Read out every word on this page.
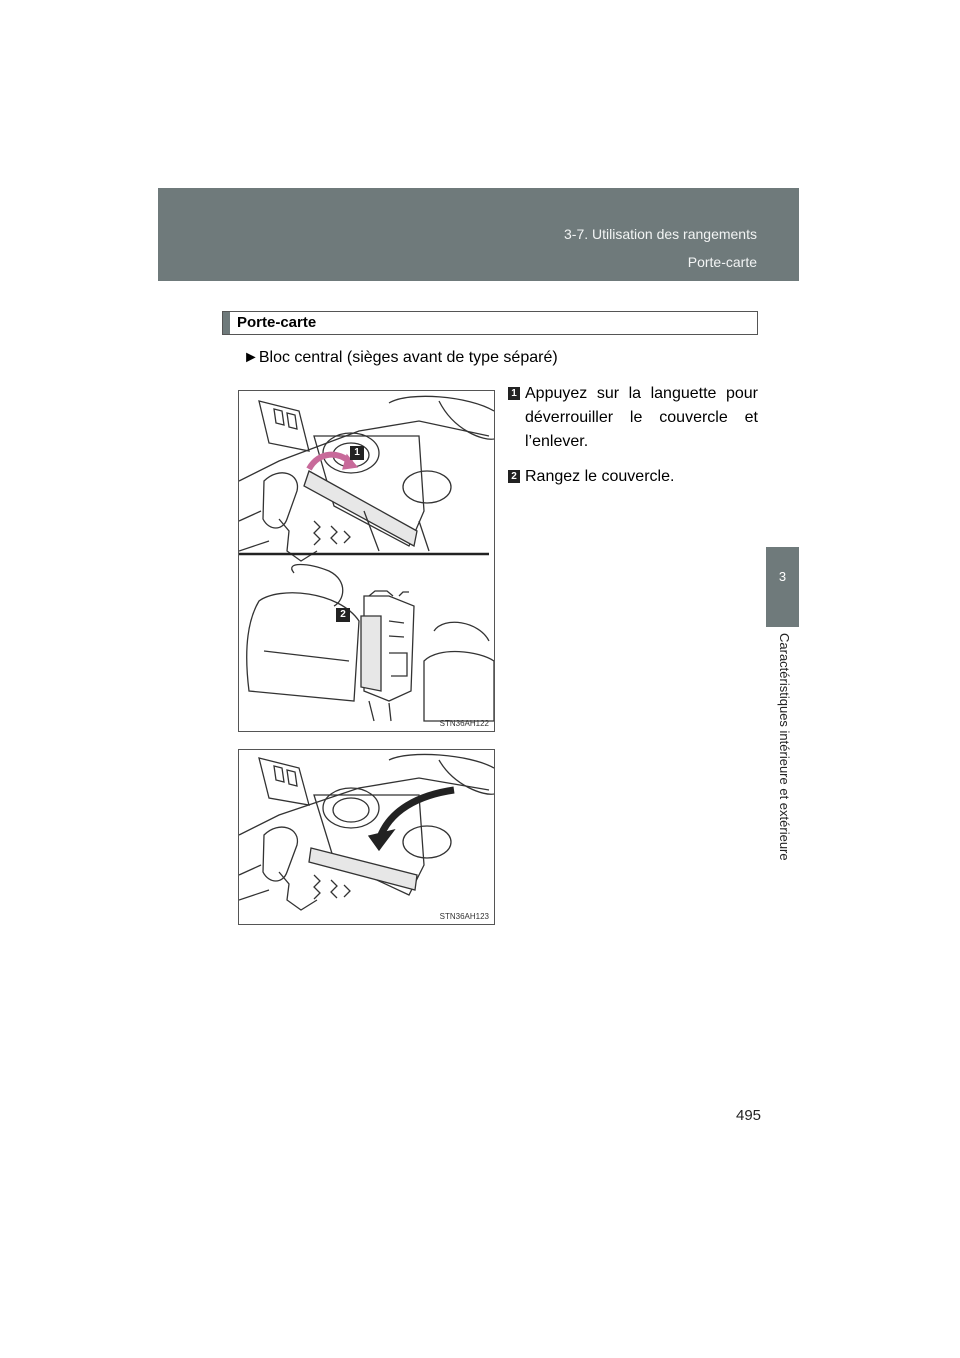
3-7. Utilisation des rangements
Porte-carte
3
Caractéristiques intérieure et extérieure
Porte-carte
►Bloc central (sièges avant de type séparé)
1 Appuyez sur la languette pour déverrouiller le couvercle et l’enlever.
2 Rangez le couvercle.
1
2
STN36AH122
STN36AH123
495
